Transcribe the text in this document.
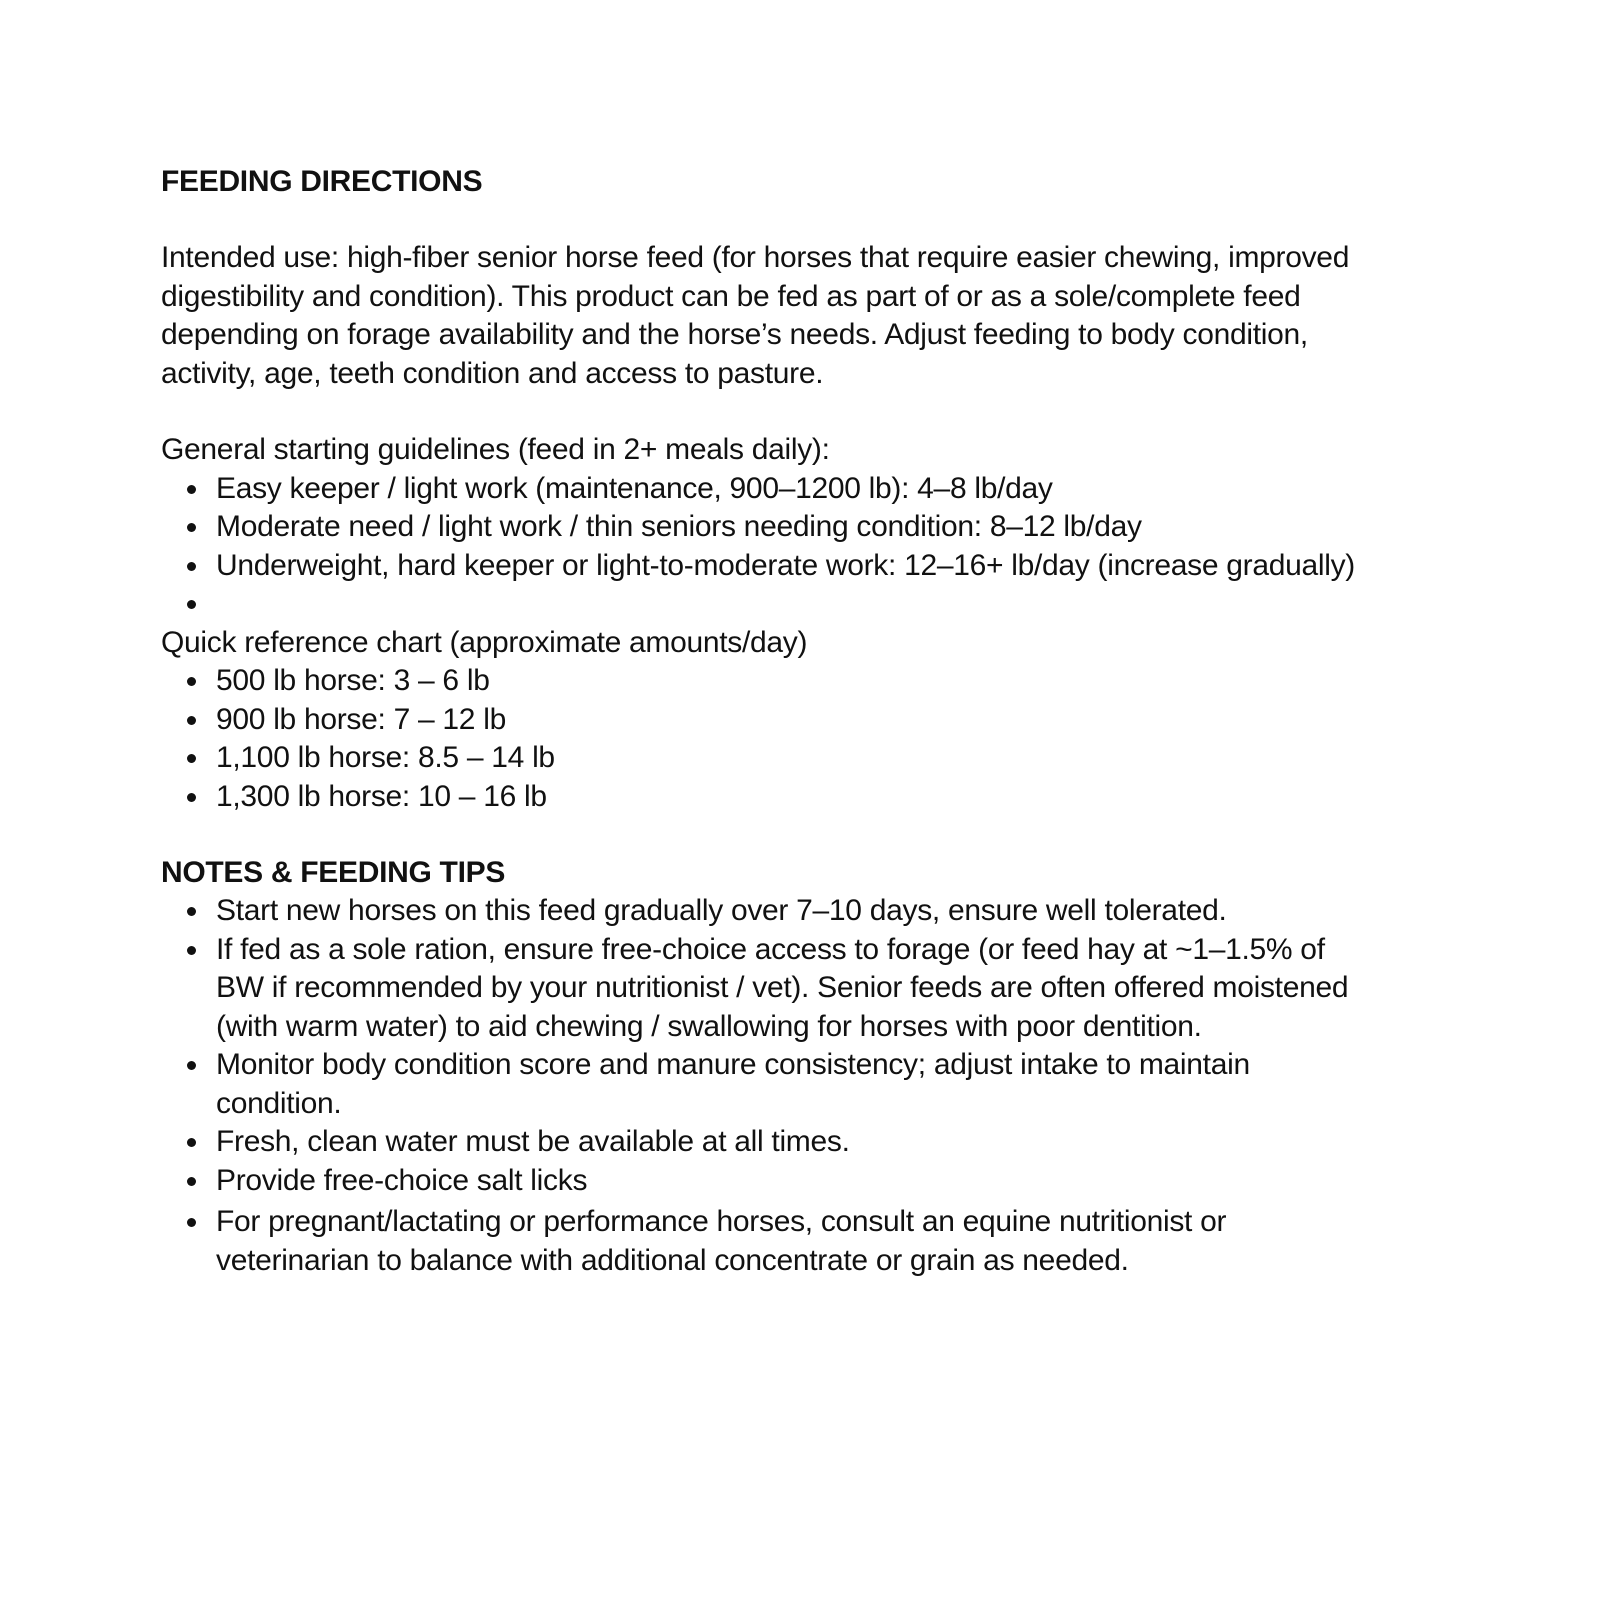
FEEDING DIRECTIONS

Intended use: high-fiber senior horse feed (for horses that require easier chewing, improved digestibility and condition). This product can be fed as part of or as a sole/complete feed depending on forage availability and the horse’s needs. Adjust feeding to body condition, activity, age, teeth condition and access to pasture.

General starting guidelines (feed in 2+ meals daily):

Easy keeper / light work (maintenance, 900–1200 lb): 4–8 lb/day
Moderate need / light work / thin seniors needing condition: 8–12 lb/day
Underweight, hard keeper or light-to-moderate work: 12–16+ lb/day (increase gradually)

Quick reference chart (approximate amounts/day)

500 lb horse: 3 – 6 lb
900 lb horse: 7 – 12 lb
1,100 lb horse: 8.5 – 14 lb
1,300 lb horse: 10 – 16 lb
NOTES & FEEDING TIPS
Start new horses on this feed gradually over 7–10 days, ensure well tolerated.
If fed as a sole ration, ensure free-choice access to forage (or feed hay at ~1–1.5% of BW if recommended by your nutritionist / vet). Senior feeds are often offered moistened (with warm water) to aid chewing / swallowing for horses with poor dentition.
Monitor body condition score and manure consistency; adjust intake to maintain condition.
Fresh, clean water must be available at all times.
Provide free-choice salt licks
For pregnant/lactating or performance horses, consult an equine nutritionist or veterinarian to balance with additional concentrate or grain as needed.
